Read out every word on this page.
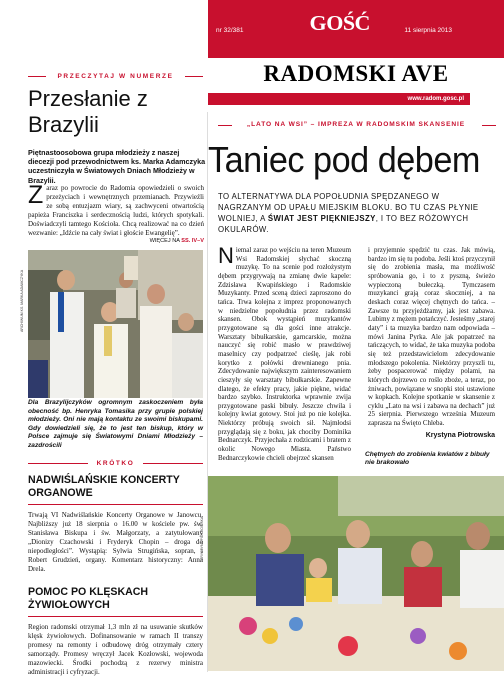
nr 32/381	GOŚĆ	11 sierpnia 2013
RADOMSKI AVE
www.radom.gosc.pl
PRZECZYTAJ W NUMERZE
Przesłanie z Brazylii
Piętnastoosobowa grupa młodzieży z naszej diecezji pod przewodnictwem ks. Marka Adamczyka uczestniczyła w Światowych Dniach Młodzieży w Brazylii.
Zaraz po powrocie do Radomia opowiedzieli o swoich przeżyciach i wewnętrznych przemianach. Przywieźli ze sobą entuzjazm wiary, są zachwyceni otwartością papieża Franciszka i serdecznością ludzi, których spotykali. Doświadczyli tamtego Kościoła. Chcą realizować na co dzień wezwanie: „Idźcie na cały świat i głoście Ewangelię”.
WIĘCEJ NA SS. IV–V
ARCHIWUM KS. MARKA ADAMCZYKA
Dla Brazylijczyków ogromnym zaskoczeniem była obecność bp. Henryka Tomasika przy grupie polskiej młodzieży. Oni nie mają kontaktu ze swoimi biskupami. Gdy dowiedzieli się, że to jest ten biskup, który w Polsce zajmuje się Światowymi Dniami Młodzieży – zazdrościli
KRÓTKO
NADWIŚLAŃSKIE KONCERTY ORGANOWE
Trwają VI Nadwiślańskie Koncerty Organowe w Janowcu. Najbliższy już 18 sierpnia o 16.00 w kościele pw. św. Stanisława Biskupa i św. Małgorzaty, a zatytułowany „Dionizy Czachowski i Fryderyk Chopin – droga do niepodległości”. Wystąpią: Sylwia Strugińska, sopran, i Robert Grudzień, organy. Komentarz historyczny: Anna Drela.
POMOC PO KLĘSKACH ŻYWIOŁOWYCH
Region radomski otrzymał 1,3 mln zł na usuwanie skutków klęsk żywiołowych. Dofinansowanie w ramach II transzy promesy na remonty i odbudowę dróg otrzymały cztery samorządy. Promesy wręczył Jacek Kozłowski, wojewoda mazowiecki. Środki pochodzą z rezerwy ministra administracji i cyfryzacji.
„LATO NA WSI” – IMPREZA W RADOMSKIM SKANSENIE
Taniec pod dębem
TO ALTERNATYWA DLA POPOŁUDNIA SPĘDZANEGO W NAGRZANYM OD UPAŁU MIEJSKIM BLOKU. BO TU CZAS PŁYNIE WOLNIEJ, A ŚWIAT JEST PIĘKNIEJSZY, I TO BEZ RÓŻOWYCH OKULARÓW.
Niemal zaraz po wejściu na teren Muzeum Wsi Radomskiej słychać skoczną muzykę. To na scenie pod rozłożystym dębem przygrywają na zmianę dwie kapele: Zdzisława Kwapińskiego i Radomskie Muzykanty. Przed sceną dzieci zaproszono do tańca. Trwa kolejna z imprez proponowanych w niedzielne popołudnia przez radomski skansen. Obok wystąpień muzykantów przygotowane są dla gości inne atrakcje. Warsztaty bibułkarskie, garncarskie, można nauczyć się robić masło w prawdziwej maselnicy czy podpatrzeć cieślę, jak robi korytko z połówki drewnianego pnia. Zdecydowanie największym zainteresowaniem cieszyły się warsztaty bibułkarskie. Zapewne dlatego, że efekty pracy, jakie piękne, widać bardzo szybko. Instruktorka wprawnie zwija przygotowane paski bibuły. Jeszcze chwila i kolejny kwiat gotowy. Stoi już po nie kolejka. Niektórzy próbują swoich sił. Najmłodsi przyglądają się z boku, jak chociby Dominika Bednarczyk. Przyjechała z rodzicami i bratem z okolic Nowego Miasta. Państwo Bednarczykowie chcieli obejrzeć skansen
i przyjemnie spędzić tu czas. Jak mówią, bardzo im się tu podoba. Jeśli ktoś przyczynił się do zrobienia masła, ma możliwość spróbowania go, i to z pyszną, świeżo wypieczoną bułeczką. Tymczasem muzykanci grają coraz skoczniej, a na deskach coraz więcej chętnych do tańca. – Zawsze tu przyjeżdżamy, jak jest zabawa. Lubimy z mężem potańczyć. Jesteśmy „starej daty” i ta muzyka bardzo nam odpowiada – mówi Janina Pyrka. Ale jak popatrzeć na tańczących, to widać, że taka muzyka podoba się też przedstawicielom zdecydowanie młodszego pokolenia. Niektórzy przyszli tu, żeby pospacerować między polami, na których dojrzewo co roślo zboże, a teraz, po żniwach, powiązane w snopki stoi ustawione w kopkach. Kolejne spotkanie w skansenie z cyklu „Lato na wsi i zabawa na dechach” już 25 sierpnia. Pierwszego września Muzeum zaprasza na Święto Chleba.
Krystyna Piotrowska
Chętnych do zrobienia kwiatów z bibuły nie brakowało
KRYSTYNA PIOTROWSKA
